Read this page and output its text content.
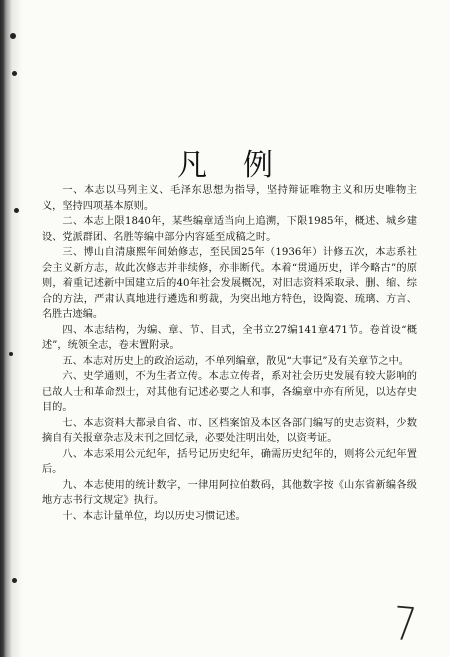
凡例

一、本志以马列主义、毛泽东思想为指导，坚持辩证唯物主义和历史唯物主义，坚持四项基本原则。

二、本志上限1840年，某些编章适当向上追溯，下限1985年，概述、城乡建设、党派群团、名胜等编中部分内容延至成稿之时。

三、博山自清康熙年间始修志，至民国25年（1936年）计修五次，本志系社会主义新方志，故此次修志并非续修，亦非断代。本着“贯通历史，详今略古”的原则，着重记述新中国建立后的40年社会发展概况，对旧志资料采取录、删、缩、综合的方法，严肃认真地进行遴选和剪裁，为突出地方特色，设陶瓷、琉璃、方言、名胜古迹编。

四、本志结构，为编、章、节、目式，全书立27编141章471节。卷首设“概述”，统领全志，卷末置附录。

五、本志对历史上的政治运动，不单列编章，散见“大事记”及有关章节之中。

六、史学通则，不为生者立传。本志立传者，系对社会历史发展有较大影响的已故人士和革命烈士，对其他有记述必要之人和事，各编章中亦有所见，以达存史目的。

七、本志资料大都录自省、市、区档案馆及本区各部门编写的史志资料，少数摘自有关报章杂志及末刊之回忆录，必要处注明出处，以资考证。

八、本志采用公元纪年，括号记历史纪年，确需历史纪年的，则将公元纪年置后。

九、本志使用的统计数字，一律用阿拉伯数码，其他数字按《山东省新编各级地方志书行文规定》执行。

十、本志计量单位，均以历史习惯记述。

7
